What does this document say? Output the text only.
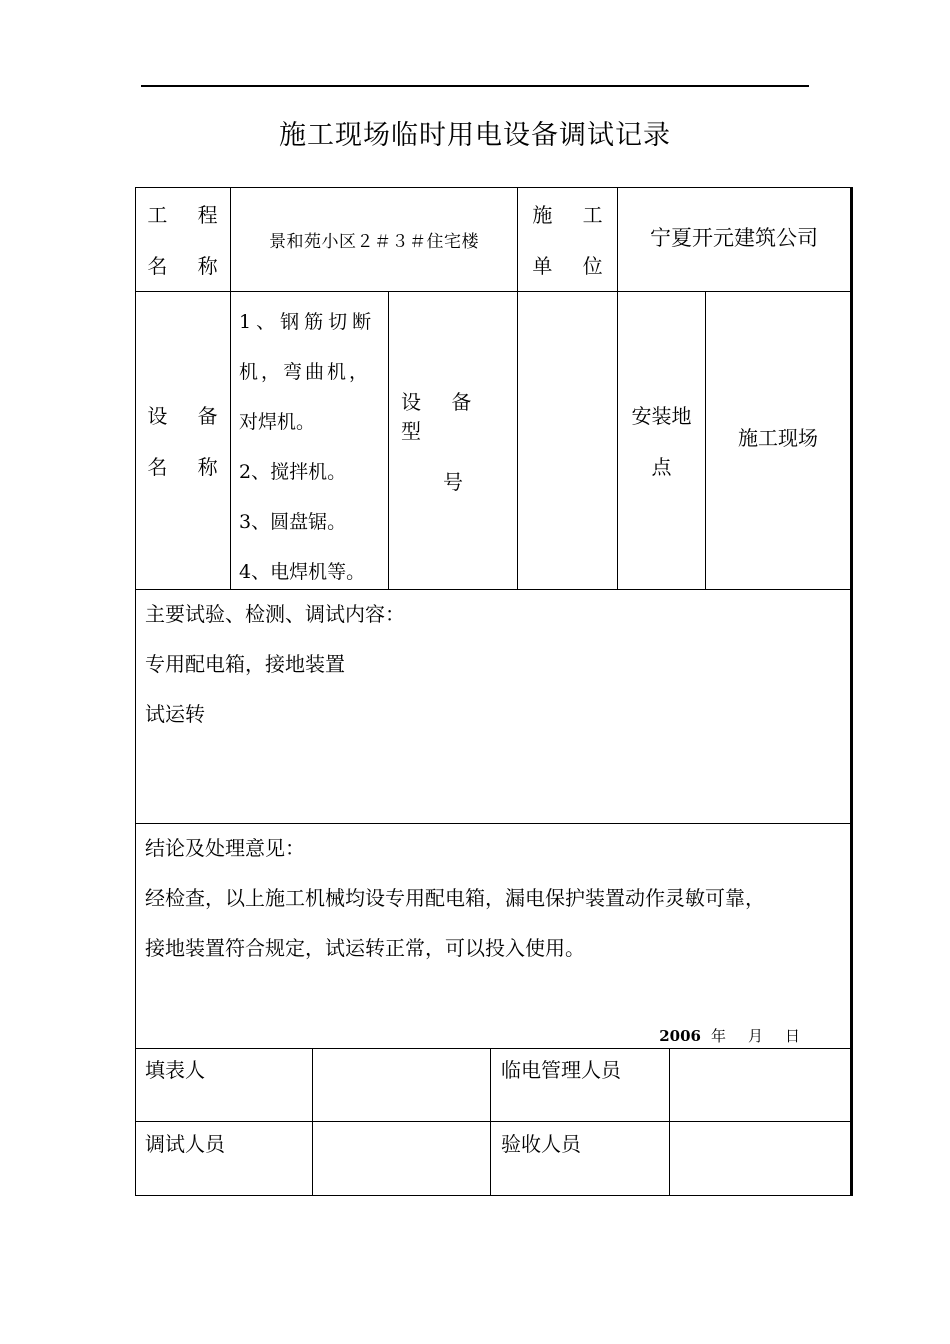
施工现场临时用电设备调试记录
工 程
名 称
景和苑小区２＃３＃住宅楼
施 工
单 位
宁夏开元建筑公司
设 备
名 称
1、钢筋切断
机，弯曲机，
对焊机。
2、搅拌机。
3、圆盘锯。
4、电焊机等。
设 备 型
号
安装地
点
施工现场
主要试验、检测、调试内容：
专用配电箱，接地装置
试运转
结论及处理意见：
经检查，以上施工机械均设专用配电箱，漏电保护装置动作灵敏可靠，
接地装置符合规定，试运转正常，可以投入使用。
2006 年 月 日
填表人	临电管理人员
调试人员	验收人员
